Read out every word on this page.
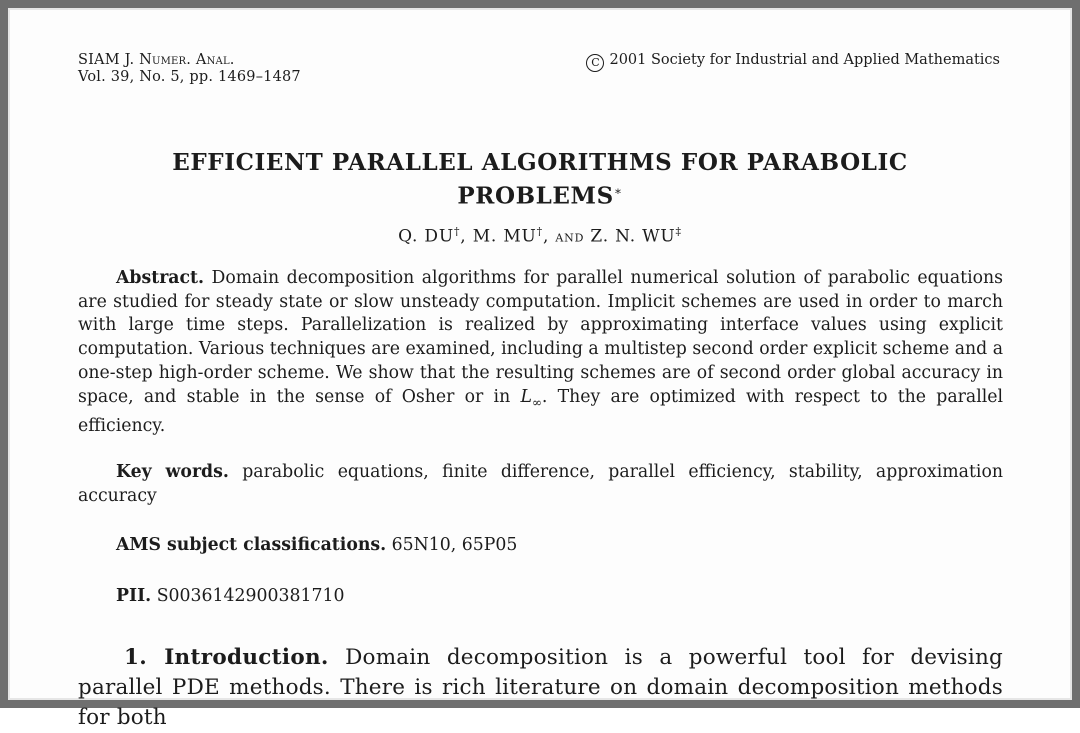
SIAM J. Numer. Anal.
Vol. 39, No. 5, pp. 1469–1487
C 2001 Society for Industrial and Applied Mathematics
EFFICIENT PARALLEL ALGORITHMS FOR PARABOLIC
PROBLEMS∗
Q. DU†, M. MU†, and Z. N. WU‡
Abstract. Domain decomposition algorithms for parallel numerical solution of parabolic equations are studied for steady state or slow unsteady computation. Implicit schemes are used in order to march with large time steps. Parallelization is realized by approximating interface values using explicit computation. Various techniques are examined, including a multistep second order explicit scheme and a one-step high-order scheme. We show that the resulting schemes are of second order global accuracy in space, and stable in the sense of Osher or in $L_\infty$. They are optimized with respect to the parallel efficiency.
Key words. parabolic equations, finite difference, parallel efficiency, stability, approximation accuracy
AMS subject classifications. 65N10, 65P05
PII. S0036142900381710
1. Introduction. Domain decomposition is a powerful tool for devising parallel PDE methods. There is rich literature on domain decomposition methods for both
